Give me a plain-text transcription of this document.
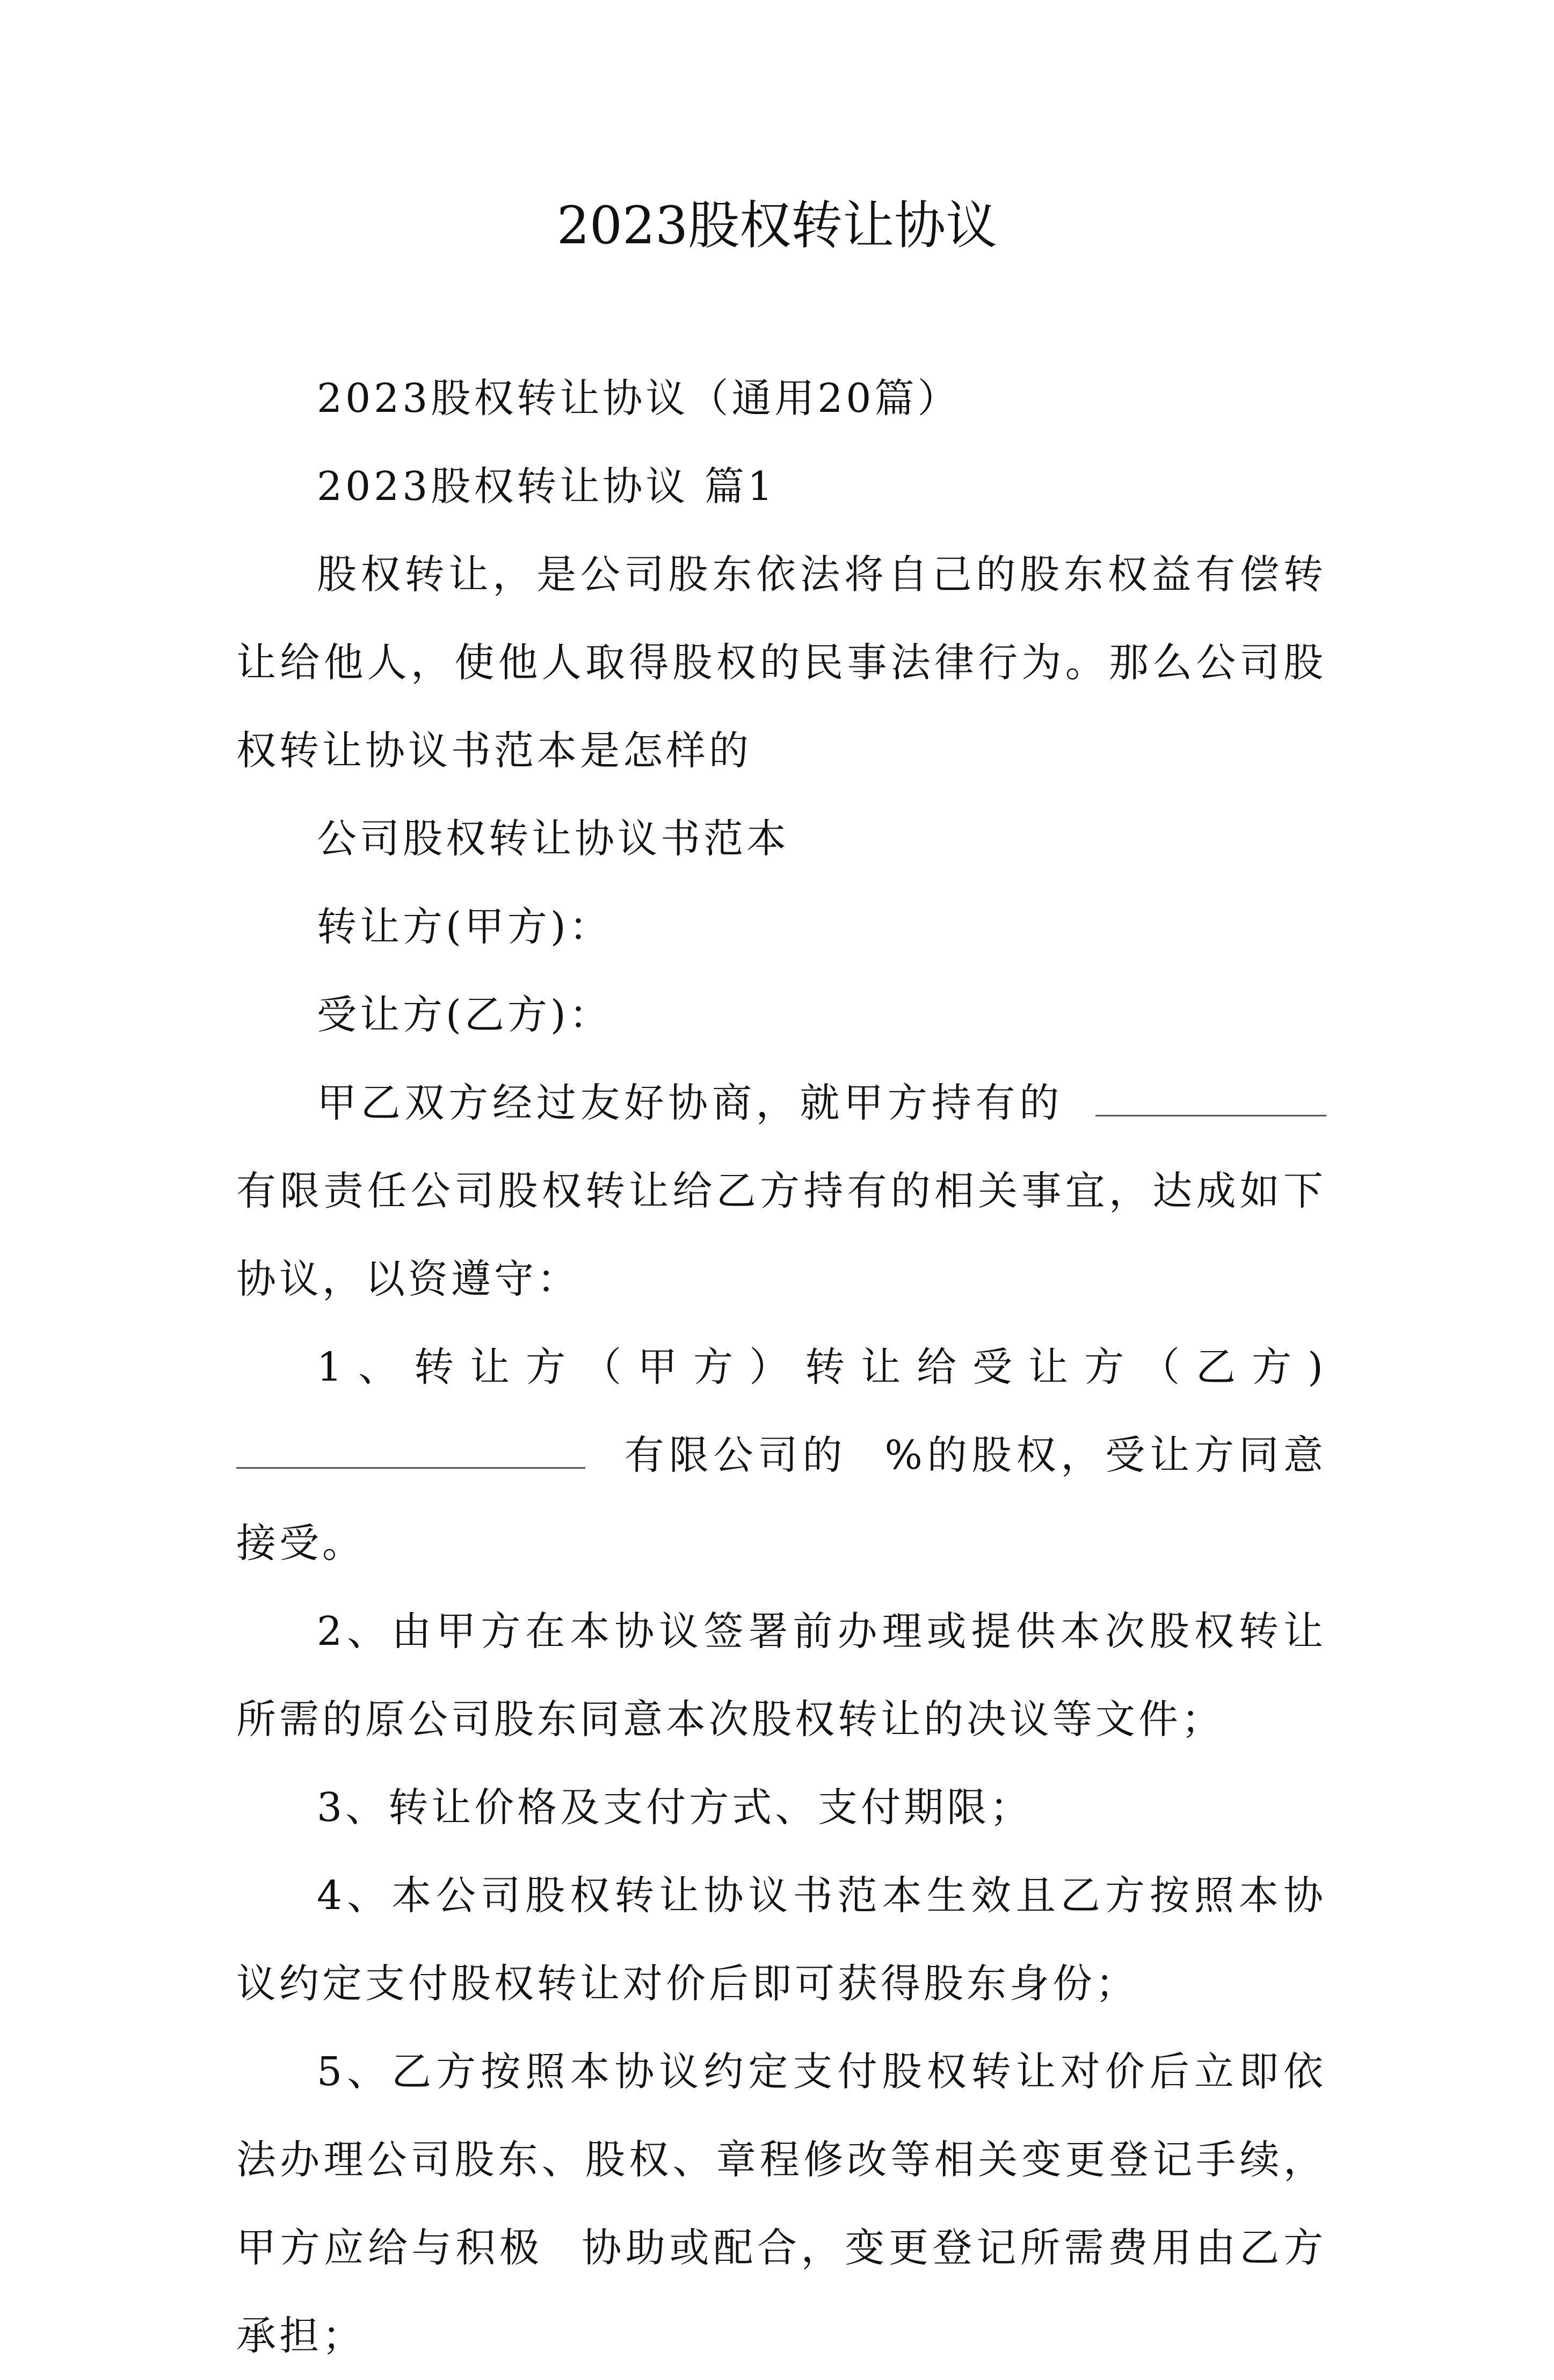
2023股权转让协议

2023股权转让协议（通用20篇）

2023股权转让协议 篇1

股权转让，是公司股东依法将自己的股东权益有偿转让给他人，使他人取得股权的民事法律行为。那么公司股权转让协议书范本是怎样的

公司股权转让协议书范本

转让方(甲方)：

受让方(乙方)：

甲乙双方经过友好协商，就甲方持有的有限责任公司股权转让给乙方持有的相关事宜，达成如下协议，以资遵守：

1、转让方（甲方）转让给受让方（乙方)有限公司的 %的股权，受让方同意接受。

2、由甲方在本协议签署前办理或提供本次股权转让所需的原公司股东同意本次股权转让的决议等文件；

3、转让价格及支付方式、支付期限；

4、本公司股权转让协议书范本生效且乙方按照本协议约定支付股权转让对价后即可获得股东身份；

5、乙方按照本协议约定支付股权转让对价后立即依法办理公司股东、股权、章程修改等相关变更登记手续，甲方应给与积极 协助或配合，变更登记所需费用由乙方承担；
